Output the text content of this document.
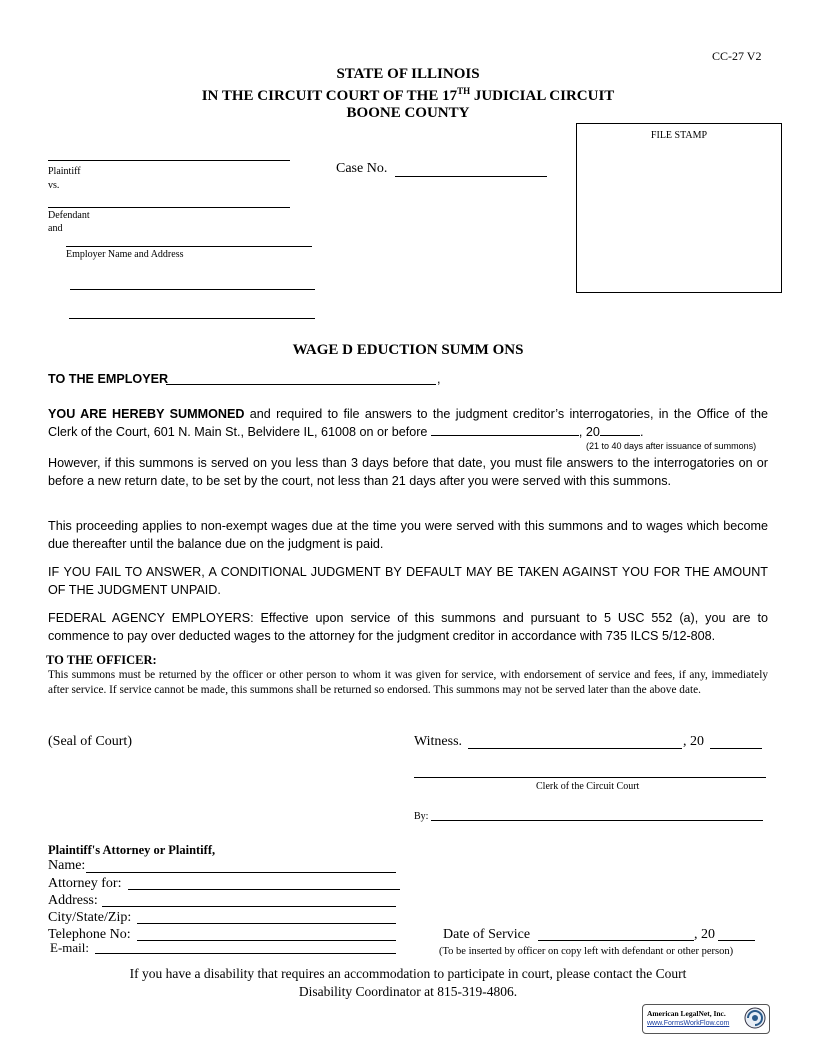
CC-27 V2
STATE OF ILLINOIS
IN THE CIRCUIT COURT OF THE 17TH JUDICIAL CIRCUIT
BOONE COUNTY
Plaintiff
vs.
Defendant
and
Employer Name and Address
Case No.
FILE STAMP
WAGE D EDUCTION SUMM ONS
TO THE EMPLOYER	,
YOU ARE HEREBY SUMMONED and required to file answers to the judgment creditor’s interrogatories, in the Office of the Clerk of the Court, 601 N. Main St., Belvidere IL, 61008 on or before	, 20	.
(21 to 40 days after issuance of summons)
However, if this summons is served on you less than 3 days before that date, you must file answers to the interrogatories on or before a new return date, to be set by the court, not less than 21 days after you were served with this summons.
This proceeding applies to non-exempt wages due at the time you were served with this summons and to wages which become due thereafter until the balance due on the judgment is paid.
IF YOU FAIL TO ANSWER, A CONDITIONAL JUDGMENT BY DEFAULT MAY BE TAKEN AGAINST YOU FOR THE AMOUNT OF THE JUDGMENT UNPAID.
FEDERAL AGENCY EMPLOYERS: Effective upon service of this summons and pursuant to 5 USC 552 (a), you are to commence to pay over deducted wages to the attorney for the judgment creditor in accordance with 735 ILCS 5/12-808.
TO THE OFFICER:
This summons must be returned by the officer or other person to whom it was given for service, with endorsement of service and fees, if any, immediately after service. If service cannot be made, this summons shall be returned so endorsed. This summons may not be served later than the above date.
(Seal of Court)	Witness.	, 20
Clerk of the Circuit Court
By:
Plaintiff's Attorney or Plaintiff,
Name:
Attorney for:
Address:
City/State/Zip:
Telephone No:
E-mail:
Date of Service	, 20
(To be inserted by officer on copy left with defendant or other person)
If you have a disability that requires an accommodation to participate in court, please contact the Court
Disability Coordinator at 815-319-4806.
American LegalNet, Inc.
www.FormsWorkFlow.com
